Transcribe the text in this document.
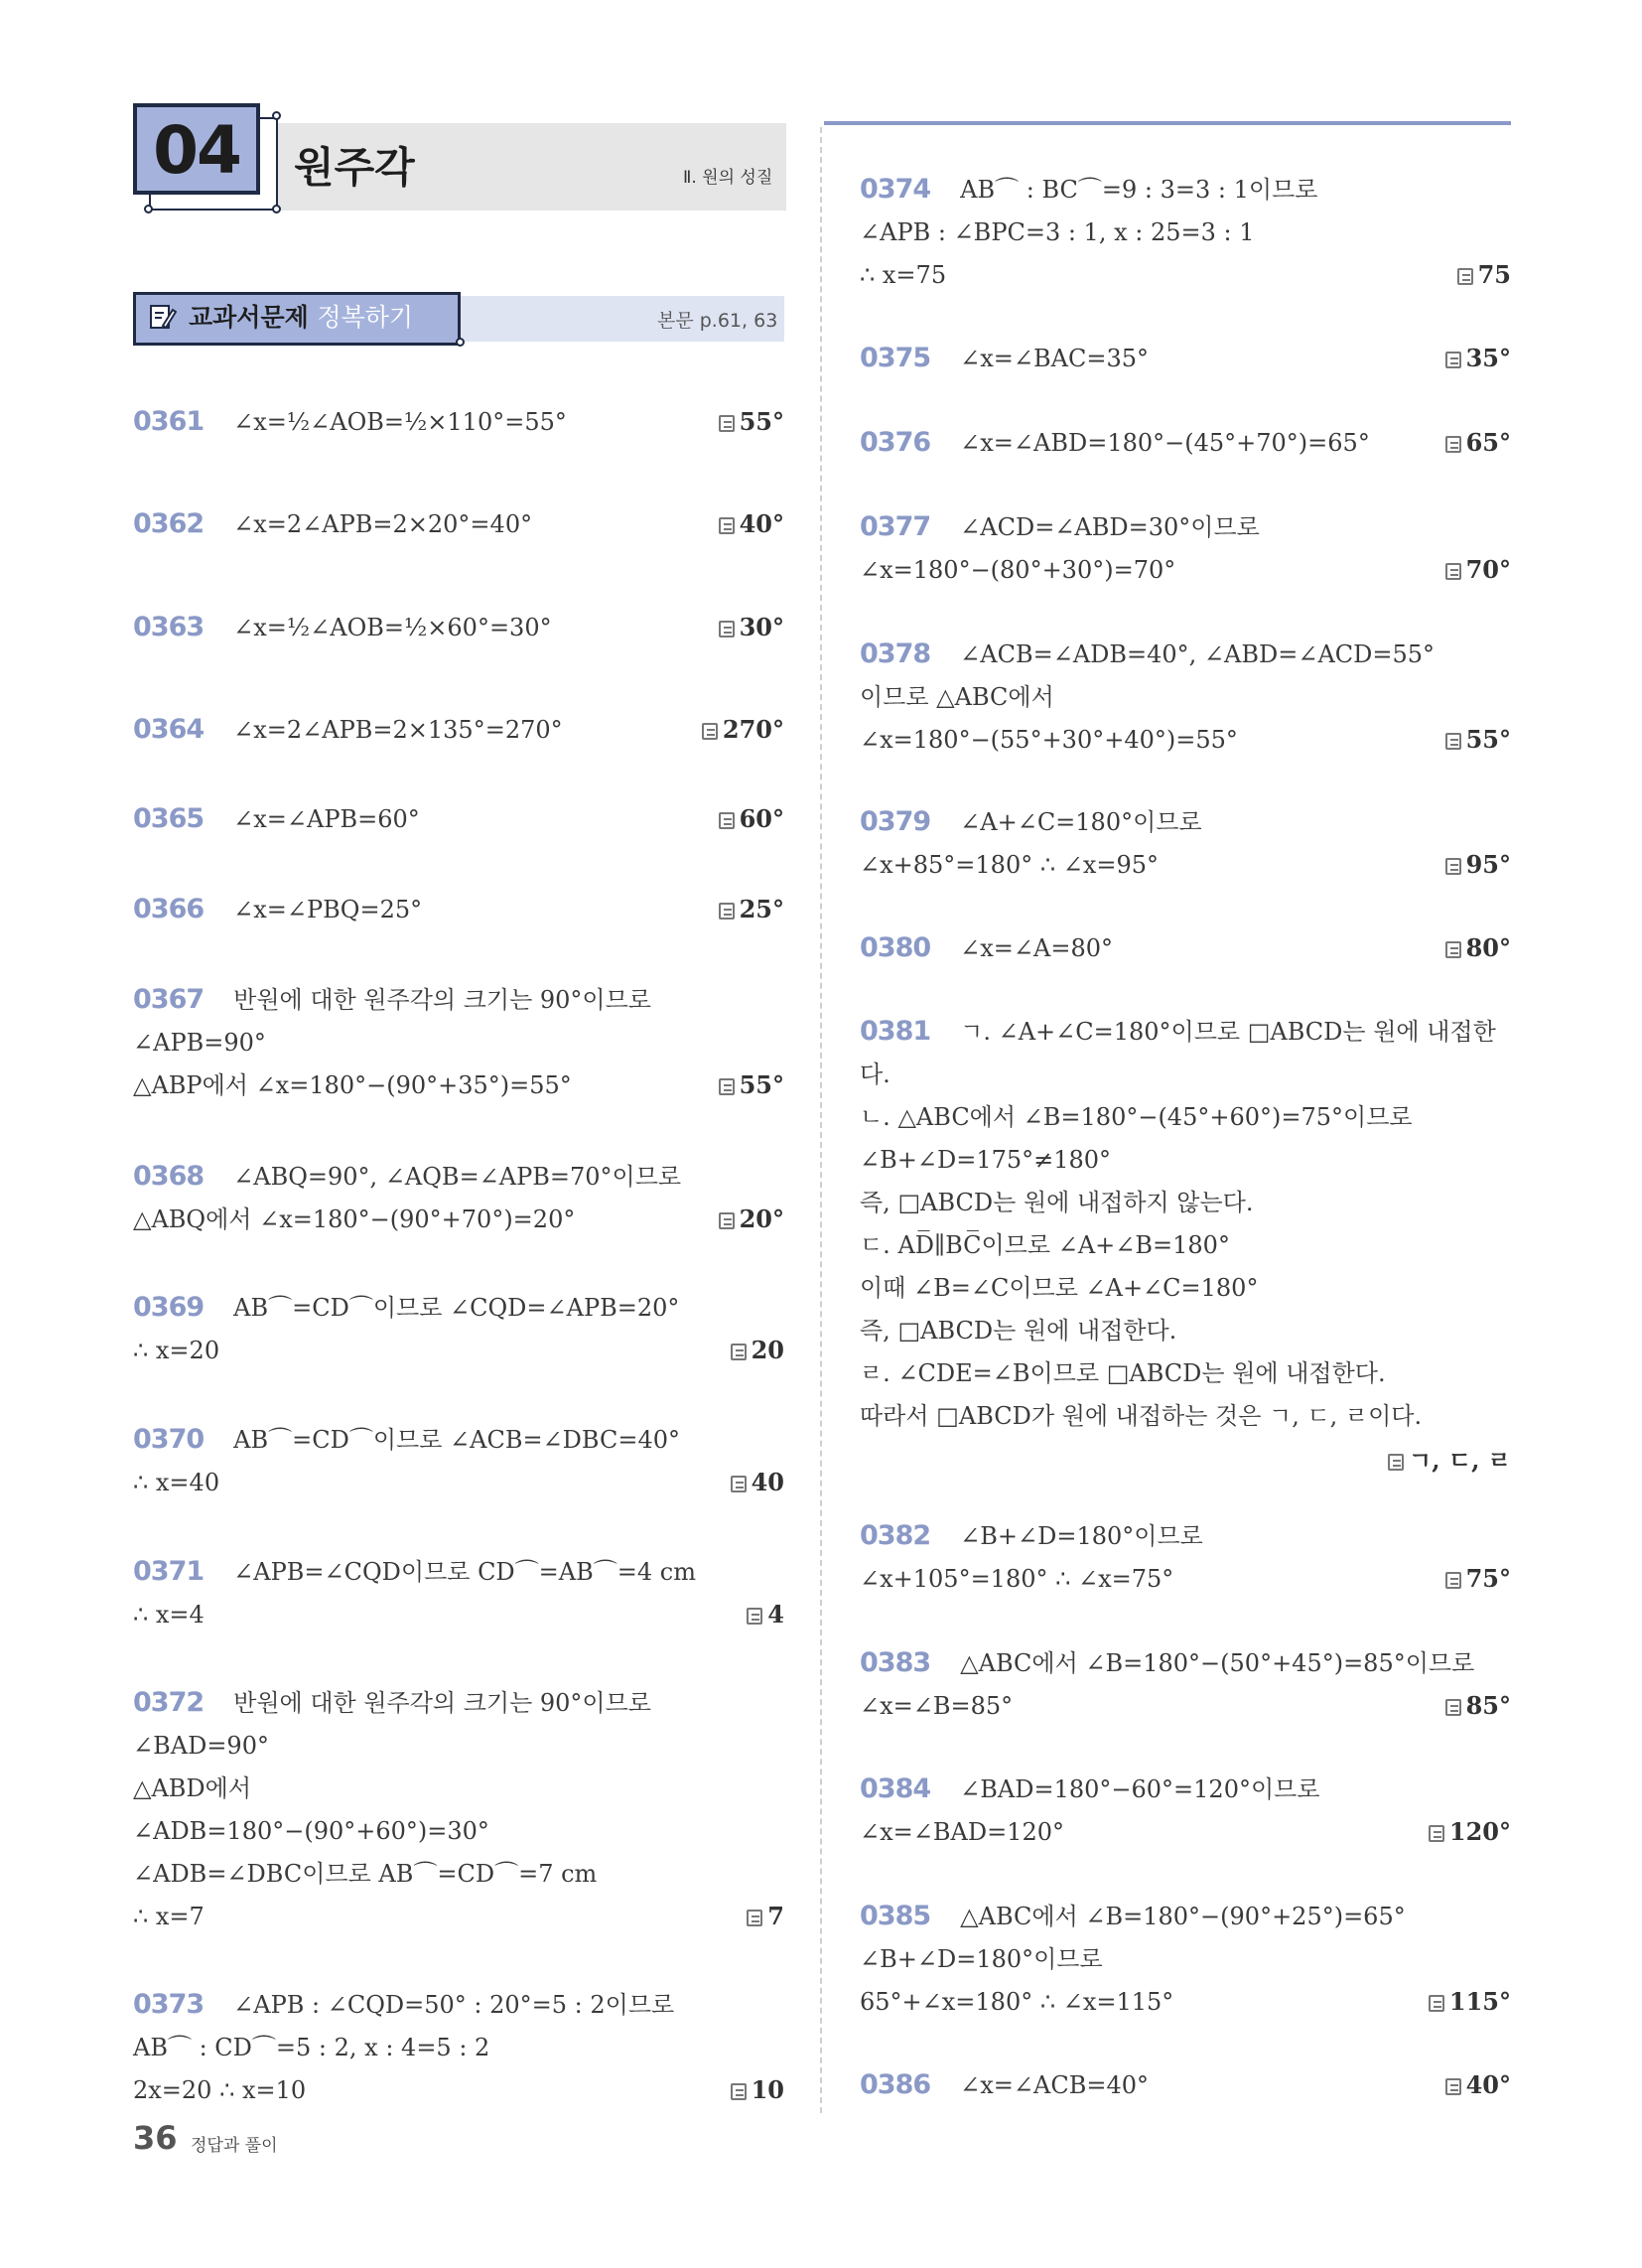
04	원주각	Ⅱ. 원의 성질
교과서문제 정복하기	본문 p.61, 63
36 정답과 풀이
0361 ∠x=½∠AOB=½×110°=55°	55°
0362 ∠x=2∠APB=2×20°=40°	40°
0363 ∠x=½∠AOB=½×60°=30°	30°
0364 ∠x=2∠APB=2×135°=270°	270°
0365 ∠x=∠APB=60°	60°
0366 ∠x=∠PBQ=25°	25°
0367 반원에 대한 원주각의 크기는 90°이므로
∠APB=90°
△ABP에서 ∠x=180°−(90°+35°)=55°	55°
0368 ∠ABQ=90°, ∠AQB=∠APB=70°이므로
△ABQ에서 ∠x=180°−(90°+70°)=20°	20°
0369 AB⌒=CD⌒이므로 ∠CQD=∠APB=20°
∴ x=20	20
0370 AB⌒=CD⌒이므로 ∠ACB=∠DBC=40°
∴ x=40	40
0371 ∠APB=∠CQD이므로 CD⌒=AB⌒=4 cm
∴ x=4	4
0372 반원에 대한 원주각의 크기는 90°이므로
∠BAD=90°
△ABD에서
∠ADB=180°−(90°+60°)=30°
∠ADB=∠DBC이므로 AB⌒=CD⌒=7 cm
∴ x=7	7
0373 ∠APB : ∠CQD=50° : 20°=5 : 2이므로
AB⌒ : CD⌒=5 : 2, x : 4=5 : 2
2x=20 ∴ x=10	10
0374 AB⌒ : BC⌒=9 : 3=3 : 1이므로
∠APB : ∠BPC=3 : 1, x : 25=3 : 1
∴ x=75	75
0375 ∠x=∠BAC=35°	35°
0376 ∠x=∠ABD=180°−(45°+70°)=65°	65°
0377 ∠ACD=∠ABD=30°이므로
∠x=180°−(80°+30°)=70°	70°
0378 ∠ACB=∠ADB=40°, ∠ABD=∠ACD=55°
이므로 △ABC에서
∠x=180°−(55°+30°+40°)=55°	55°
0379 ∠A+∠C=180°이므로
∠x+85°=180° ∴ ∠x=95°	95°
0380 ∠x=∠A=80°	80°
0381 ㄱ. ∠A+∠C=180°이므로 □ABCD는 원에 내접한
다.
ㄴ. △ABC에서 ∠B=180°−(45°+60°)=75°이므로
∠B+∠D=175°≠180°
즉, □ABCD는 원에 내접하지 않는다.
ㄷ. AD̅∥BC̅이므로 ∠A+∠B=180°
이때 ∠B=∠C이므로 ∠A+∠C=180°
즉, □ABCD는 원에 내접한다.
ㄹ. ∠CDE=∠B이므로 □ABCD는 원에 내접한다.
따라서 □ABCD가 원에 내접하는 것은 ㄱ, ㄷ, ㄹ이다.
ㄱ, ㄷ, ㄹ
0382 ∠B+∠D=180°이므로
∠x+105°=180° ∴ ∠x=75°	75°
0383 △ABC에서 ∠B=180°−(50°+45°)=85°이므로
∠x=∠B=85°	85°
0384 ∠BAD=180°−60°=120°이므로
∠x=∠BAD=120°	120°
0385 △ABC에서 ∠B=180°−(90°+25°)=65°
∠B+∠D=180°이므로
65°+∠x=180° ∴ ∠x=115°	115°
0386 ∠x=∠ACB=40°	40°
